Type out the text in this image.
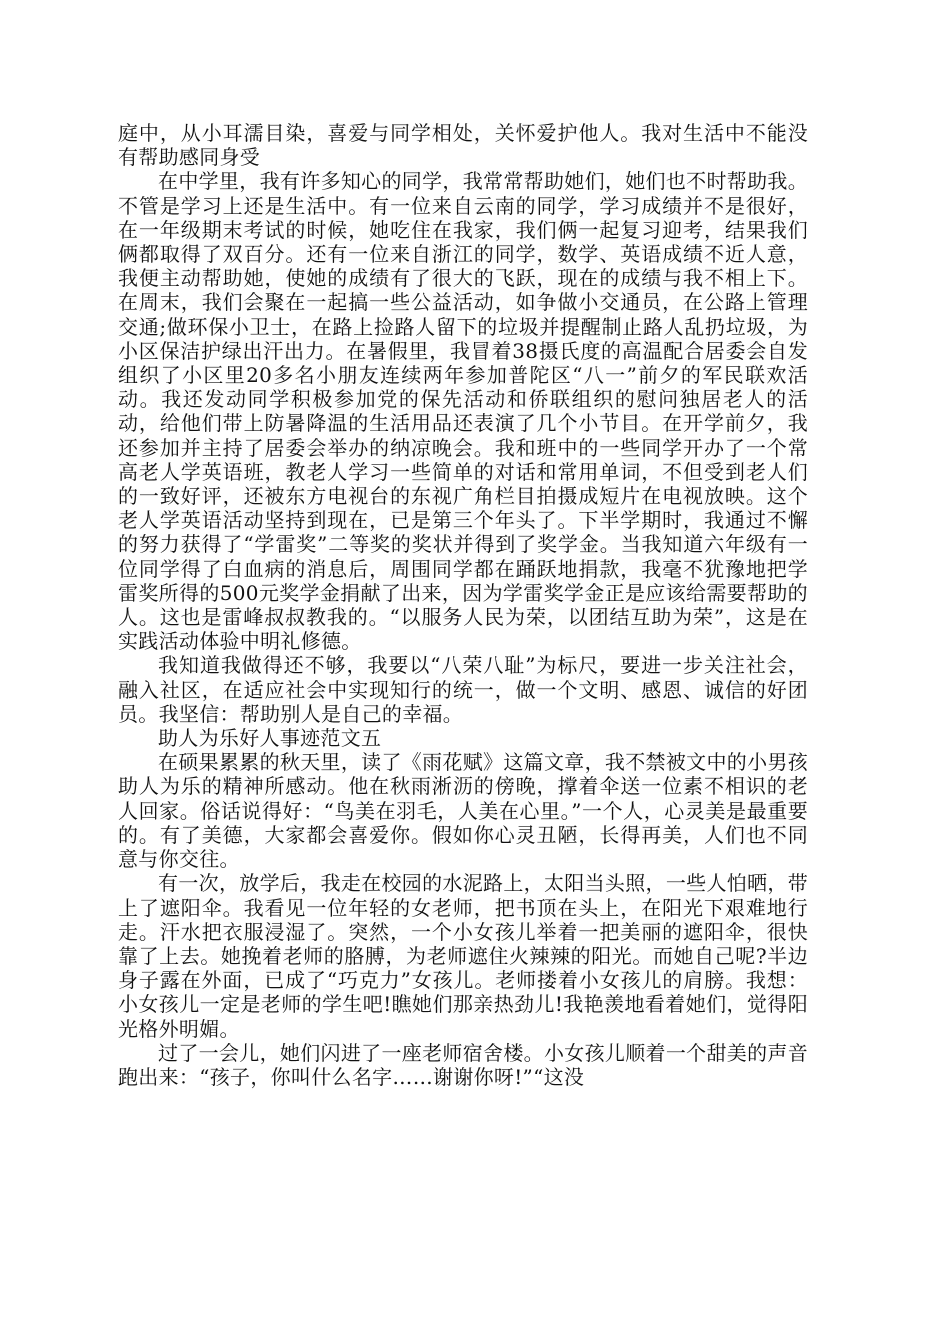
庭中，从小耳濡目染，喜爱与同学相处，关怀爱护他人。我对生活中不能没有帮助感同身受

在中学里，我有许多知心的同学，我常常帮助她们，她们也不时帮助我。不管是学习上还是生活中。有一位来自云南的同学，学习成绩并不是很好，在一年级期末考试的时候，她吃住在我家，我们俩一起复习迎考，结果我们俩都取得了双百分。还有一位来自浙江的同学，数学、英语成绩不近人意，我便主动帮助她，使她的成绩有了很大的飞跃，现在的成绩与我不相上下。在周末，我们会聚在一起搞一些公益活动，如争做小交通员，在公路上管理交通;做环保小卫士，在路上捡路人留下的垃圾并提醒制止路人乱扔垃圾，为小区保洁护绿出汗出力。在暑假里，我冒着38摄氏度的高温配合居委会自发组织了小区里20多名小朋友连续两年参加普陀区“八一”前夕的军民联欢活动。我还发动同学积极参加党的保先活动和侨联组织的慰问独居老人的活动，给他们带上防暑降温的生活用品还表演了几个小节目。在开学前夕，我还参加并主持了居委会举办的纳凉晚会。我和班中的一些同学开办了一个常高老人学英语班，教老人学习一些简单的对话和常用单词，不但受到老人们的一致好评，还被东方电视台的东视广角栏目拍摄成短片在电视放映。这个老人学英语活动坚持到现在，已是第三个年头了。下半学期时，我通过不懈的努力获得了“学雷奖”二等奖的奖状并得到了奖学金。当我知道六年级有一位同学得了白血病的消息后，周围同学都在踊跃地捐款，我毫不犹豫地把学雷奖所得的500元奖学金捐献了出来，因为学雷奖学金正是应该给需要帮助的人。这也是雷峰叔叔教我的。“以服务人民为荣，以团结互助为荣”，这是在实践活动体验中明礼修德。

我知道我做得还不够，我要以“八荣八耻”为标尺，要进一步关注社会，融入社区，在适应社会中实现知行的统一，做一个文明、感恩、诚信的好团员。我坚信：帮助别人是自己的幸福。

助人为乐好人事迹范文五

在硕果累累的秋天里，读了《雨花赋》这篇文章，我不禁被文中的小男孩助人为乐的精神所感动。他在秋雨淅沥的傍晚，撑着伞送一位素不相识的老人回家。俗话说得好：“鸟美在羽毛，人美在心里。”一个人，心灵美是最重要的。有了美德，大家都会喜爱你。假如你心灵丑陋，长得再美，人们也不同意与你交往。

有一次，放学后，我走在校园的水泥路上，太阳当头照，一些人怕晒，带上了遮阳伞。我看见一位年轻的女老师，把书顶在头上，在阳光下艰难地行走。汗水把衣服浸湿了。突然，一个小女孩儿举着一把美丽的遮阳伞，很快靠了上去。她挽着老师的胳膊，为老师遮住火辣辣的阳光。而她自己呢?半边身子露在外面，已成了“巧克力”女孩儿。老师搂着小女孩儿的肩膀。我想：小女孩儿一定是老师的学生吧!瞧她们那亲热劲儿!我艳羡地看着她们，觉得阳光格外明媚。

过了一会儿，她们闪进了一座老师宿舍楼。小女孩儿顺着一个甜美的声音跑出来：“孩子，你叫什么名字……谢谢你呀!”“这没
